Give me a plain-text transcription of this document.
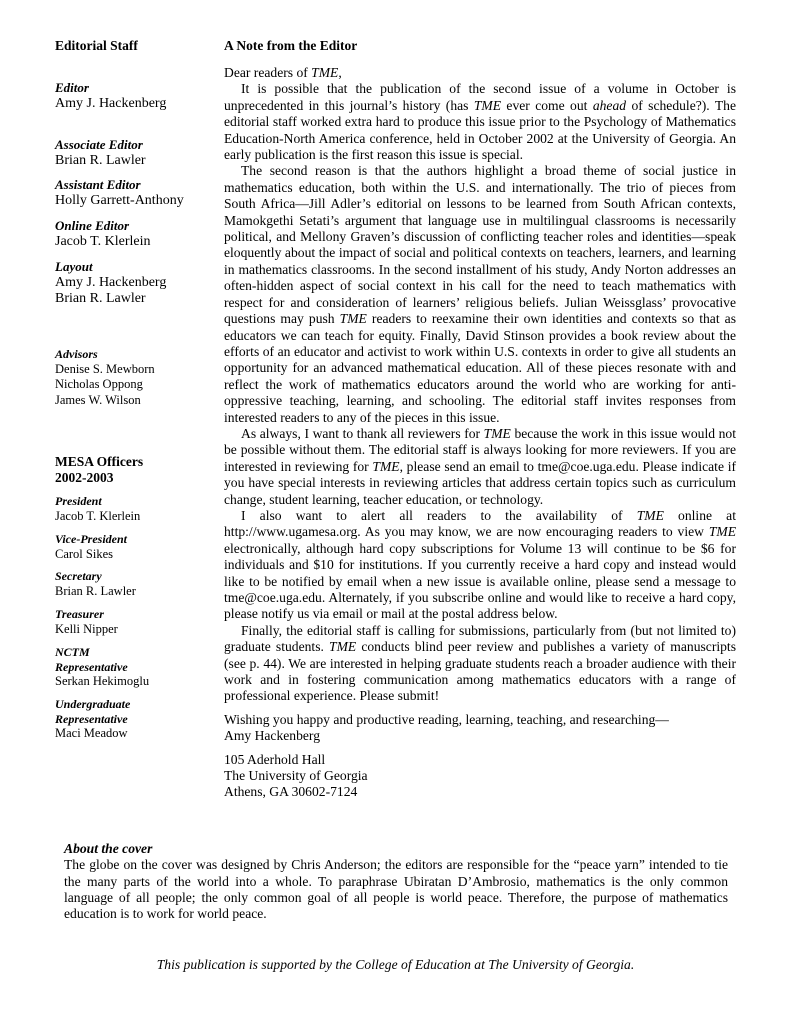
Editorial Staff
Editor
Amy J. Hackenberg
Associate Editor
Brian R. Lawler
Assistant Editor
Holly Garrett-Anthony
Online Editor
Jacob T. Klerlein
Layout
Amy J. Hackenberg
Brian R. Lawler
Advisors
Denise S. Mewborn
Nicholas Oppong
James W. Wilson
MESA Officers
2002-2003
President
Jacob T. Klerlein
Vice-President
Carol Sikes
Secretary
Brian R. Lawler
Treasurer
Kelli Nipper
NCTM
Representative
Serkan Hekimoglu
Undergraduate
Representative
Maci Meadow
A Note from the Editor

Dear readers of TME,

It is possible that the publication of the second issue of a volume in October is unprecedented in this journal’s history (has TME ever come out ahead of schedule?). The editorial staff worked extra hard to produce this issue prior to the Psychology of Mathematics Education-North America conference, held in October 2002 at the University of Georgia. An early publication is the first reason this issue is special.

The second reason is that the authors highlight a broad theme of social justice in mathematics education, both within the U.S. and internationally. The trio of pieces from South Africa—Jill Adler’s editorial on lessons to be learned from South African contexts, Mamokgethi Setati’s argument that language use in multilingual classrooms is necessarily political, and Mellony Graven’s discussion of conflicting teacher roles and identities—speak eloquently about the impact of social and political contexts on teachers, learners, and learning in mathematics classrooms. In the second installment of his study, Andy Norton addresses an often-hidden aspect of social context in his call for the need to teach mathematics with respect for and consideration of learners’ religious beliefs. Julian Weissglass’ provocative questions may push TME readers to reexamine their own identities and contexts so that as educators we can teach for equity. Finally, David Stinson provides a book review about the efforts of an educator and activist to work within U.S. contexts in order to give all students an opportunity for an advanced mathematical education. All of these pieces resonate with and reflect the work of mathematics educators around the world who are working for anti-oppressive teaching, learning, and schooling. The editorial staff invites responses from interested readers to any of the pieces in this issue.

As always, I want to thank all reviewers for TME because the work in this issue would not be possible without them. The editorial staff is always looking for more reviewers. If you are interested in reviewing for TME, please send an email to tme@coe.uga.edu. Please indicate if you have special interests in reviewing articles that address certain topics such as curriculum change, student learning, teacher education, or technology.

I also want to alert all readers to the availability of TME online at http://www.ugamesa.org. As you may know, we are now encouraging readers to view TME electronically, although hard copy subscriptions for Volume 13 will continue to be $6 for individuals and $10 for institutions. If you currently receive a hard copy and instead would like to be notified by email when a new issue is available online, please send a message to tme@coe.uga.edu. Alternately, if you subscribe online and would like to receive a hard copy, please notify us via email or mail at the postal address below.

Finally, the editorial staff is calling for submissions, particularly from (but not limited to) graduate students. TME conducts blind peer review and publishes a variety of manuscripts (see p. 44). We are interested in helping graduate students reach a broader audience with their work and in fostering communication among mathematics educators with a range of professional experience. Please submit!

Wishing you happy and productive reading, learning, teaching, and researching—

Amy Hackenberg

105 Aderhold Hall

The University of Georgia

Athens, GA 30602-7124

About the cover

The globe on the cover was designed by Chris Anderson; the editors are responsible for the “peace yarn” intended to tie the many parts of the world into a whole. To paraphrase Ubiratan D’Ambrosio, mathematics is the only common language of all people; the only common goal of all people is world peace. Therefore, the purpose of mathematics education is to work for world peace.

This publication is supported by the College of Education at The University of Georgia.
